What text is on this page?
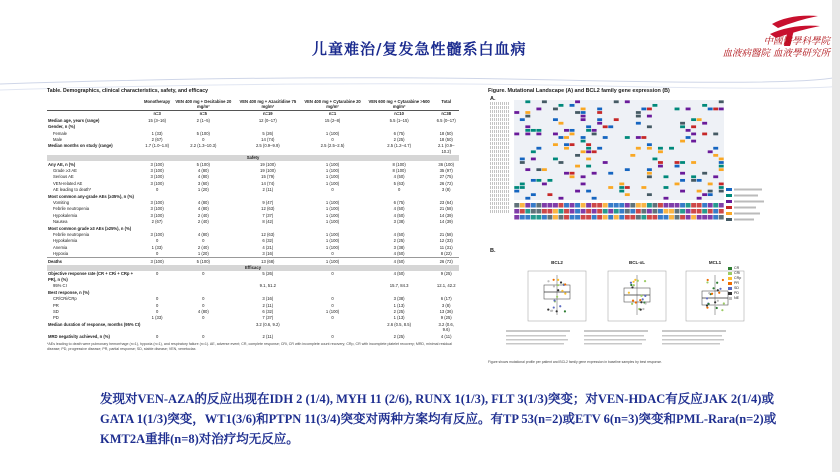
中國醫學科學院
血液病醫院 血液學研究所
儿童难治/复发急性髓系白血病
Table. Demographics, clinical characteristics, safety, and efficacy
	Monotherapy	VEN 400 mg + Decitabine 20 mg/m²	VEN 400 mg + Azacitidine 75 mg/m²	VEN 400 mg + Cytarabine 20 mg/m²	VEN 600 mg + Cytarabine >500 mg/m²	Total
	n=3	n=5	n=19	n=1	n=10	n=38
Median age, years (range)	15 (3–16)	2 (1–5)	12 (0–17)	15 (2–8)	5.5 (1–15)	6.5 (0–17)
Gender, n (%)						
Female	1 (33)	5 (100)	5 (26)	1 (100)	6 (75)	18 (50)
Male	2 (67)	0	14 (74)	0	2 (25)	18 (50)
Median months on study (range)	1.7 (1.0–1.8)	2.2 (1.3–10.3)	2.5 (0.9–9.9)	2.5 (2.5–2.5)	2.5 (1.2–4.7)	2.1 (0.9–10.2)
Safety						
Any AE, n (%)	3 (100)	5 (100)	19 (100)	1 (100)	8 (100)	36 (100)
Grade ≥3 AE	3 (100)	4 (80)	19 (100)	1 (100)	8 (100)	35 (97)
Serious AE	3 (100)	4 (80)	15 (79)	1 (100)	4 (50)	27 (75)
VEN-related AE	3 (100)	3 (60)	14 (74)	1 (100)	5 (63)	26 (72)
AE leading to death*	0	1 (20)	2 (11)	0	0	3 (8)
Most common any-grade AEs (≥35%), n (%)						
Vomiting	3 (100)	4 (80)	9 (47)	1 (100)	6 (75)	23 (64)
Febrile neutropenia	3 (100)	4 (80)	12 (63)	1 (100)	4 (50)	21 (58)
Hypokalemia	3 (100)	2 (40)	7 (37)	1 (100)	4 (50)	14 (39)
Nausea	2 (67)	2 (40)	8 (42)	1 (100)	3 (38)	14 (39)
Most common grade ≥3 AEs (≥25%), n (%)						
Febrile neutropenia	3 (100)	4 (80)	12 (63)	1 (100)	4 (50)	21 (58)
Hypokalemia	0	0	6 (32)	1 (100)	2 (25)	12 (33)
Anemia	1 (33)	2 (40)	4 (21)	1 (100)	3 (38)	11 (31)
Hypoxia	0	1 (20)	3 (16)	0	4 (50)	8 (22)
Deaths	3 (100)	5 (100)	13 (68)	1 (100)	4 (50)	26 (72)
Efficacy						
Objective response rate (CR + CRi + CRp + PR), n (%)	0	0	5 (26)	0	4 (50)	9 (25)
95% CI			9.1, 51.2		15.7, 84.3	12.1, 42.2
Best response, n (%)						
CR/CRi/CRp	0	0	3 (16)	0	3 (38)	6 (17)
PR	0	0	2 (11)	0	1 (13)	3 (8)
SD	0	4 (80)	6 (32)	1 (100)	2 (25)	13 (36)
PD	1 (33)	0	7 (37)	0	1 (13)	9 (25)
Median duration of response, months (95% CI)			3.2 (0.6, 9.2)		2.6 (0.5, 8.5)	3.2 (0.6, 9.6)
MRD negativity achieved, n (%)	0	0	2 (11)	0	2 (25)	4 (11)
*AEs leading to death were pulmonary hemorrhage (n=1), hypoxia (n=1), and respiratory failure (n=1). AE, adverse event; CR, complete response; CRi, CR with incomplete count recovery; CRp, CR with incomplete platelet recovery; MRD, minimal residual disease; PD, progressive disease; PR, partial response; SD, stable disease; VEN, venetoclax.
Figure. Mutational Landscape (A) and BCL2 family gene expression (B)
A.
B.
BCL2	BCL-xL	MCL1
CR
CRi
CRp
PR
SD
PD
NE
Figure shows mutational profile per patient and BCL2 family gene expression in baseline samples by best response.
发现对VEN-AZA的反应出现在IDH 2 (1/4), MYH 11 (2/6), RUNX 1(1/3), FLT 3(1/3)突变；对VEN-HDAC有反应JAK 2(1/4)或GATA 1(1/3)突变，WT1(3/6)和PTPN 11(3/4)突变对两种方案均有反应。有TP 53(n=2)或ETV 6(n=3)突变和PML-Rara(n=2)或KMT2A重排(n=8)对治疗均无反应。
